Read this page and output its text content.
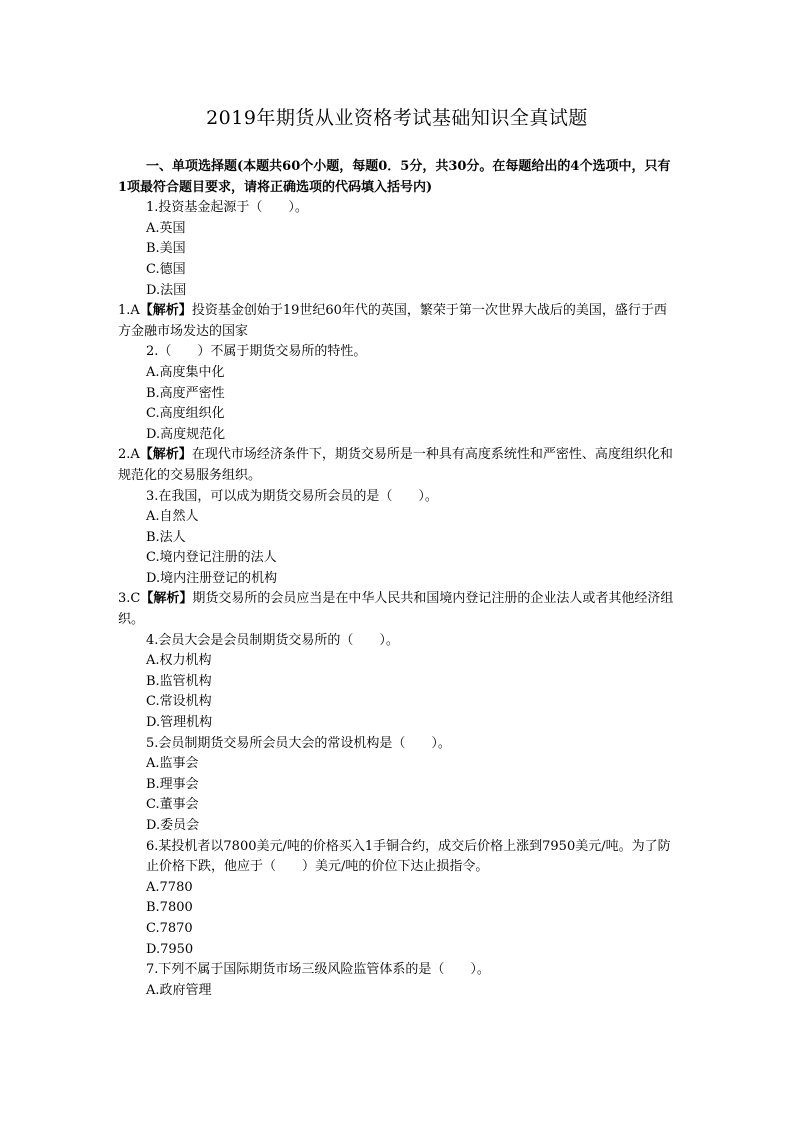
2019年期货从业资格考试基础知识全真试题

一、单项选择题(本题共60个小题，每题0．5分，共30分。在每题给出的4个选项中，只有1项最符合题目要求，请将正确选项的代码填入括号内)

1.投资基金起源于（　　）。

A.英国

B.美国

C.德国

D.法国

1.A【解析】投资基金创始于19世纪60年代的英国，繁荣于第一次世界大战后的美国，盛行于西方金融市场发达的国家

2.（　　）不属于期货交易所的特性。

A.高度集中化

B.高度严密性

C.高度组织化

D.高度规范化

2.A【解析】在现代市场经济条件下，期货交易所是一种具有高度系统性和严密性、高度组织化和规范化的交易服务组织。

3.在我国，可以成为期货交易所会员的是（　　）。

A.自然人

B.法人

C.境内登记注册的法人

D.境内注册登记的机构

3.C【解析】期货交易所的会员应当是在中华人民共和国境内登记注册的企业法人或者其他经济组织。

4.会员大会是会员制期货交易所的（　　）。

A.权力机构

B.监管机构

C.常设机构

D.管理机构

5.会员制期货交易所会员大会的常设机构是（　　）。

A.监事会

B.理事会

C.董事会

D.委员会

6.某投机者以7800美元/吨的价格买入1手铜合约，成交后价格上涨到7950美元/吨。为了防止价格下跌，他应于（　　）美元/吨的价位下达止损指令。

A.7780

B.7800

C.7870

D.7950

7.下列不属于国际期货市场三级风险监管体系的是（　　）。

A.政府管理
